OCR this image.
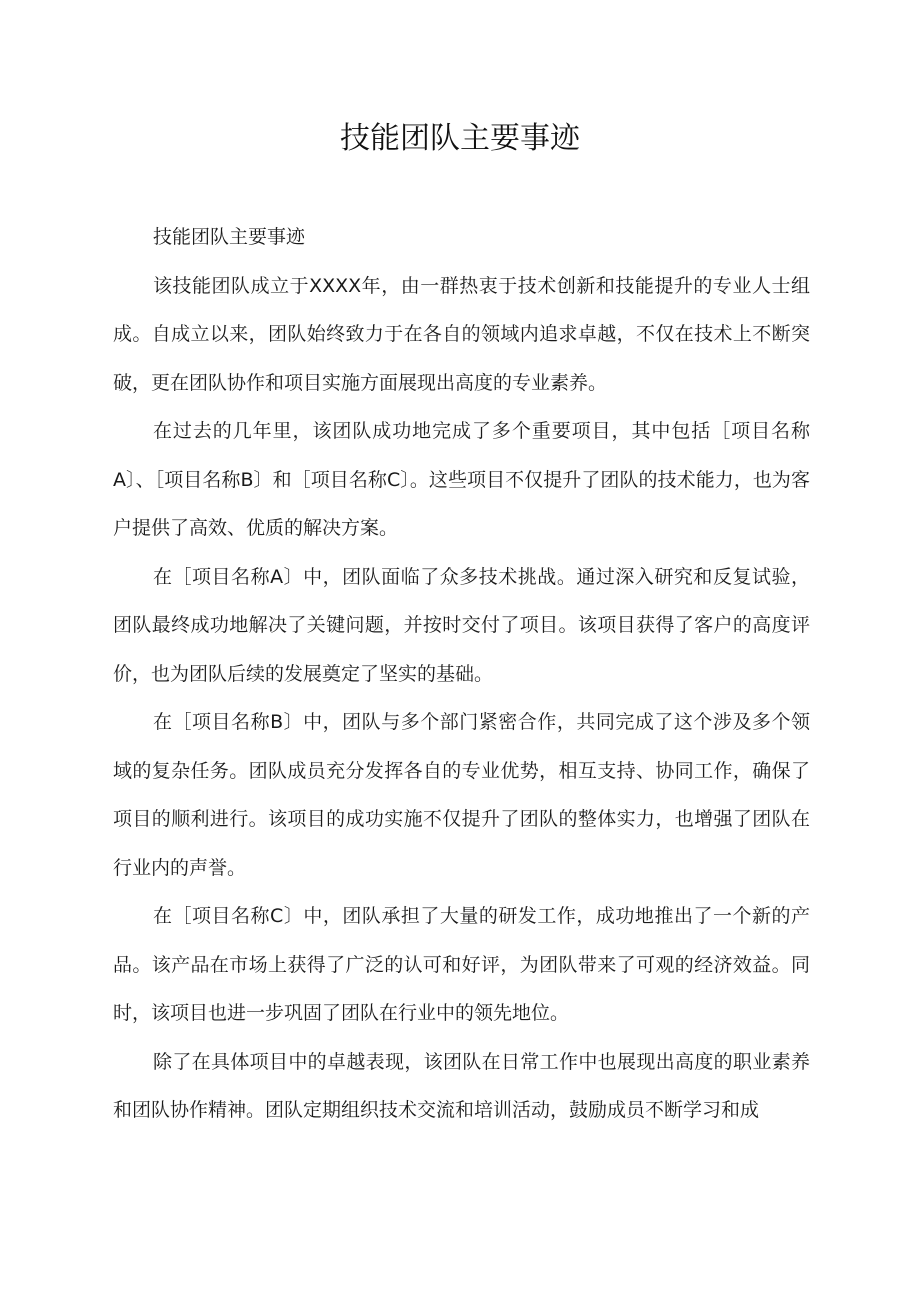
技能团队主要事迹

技能团队主要事迹

该技能团队成立于XXXX年，由一群热衷于技术创新和技能提升的专业人士组成。自成立以来，团队始终致力于在各自的领域内追求卓越，不仅在技术上不断突破，更在团队协作和项目实施方面展现出高度的专业素养。

在过去的几年里，该团队成功地完成了多个重要项目，其中包括［项目名称A〕、［项目名称B〕和［项目名称C〕。这些项目不仅提升了团队的技术能力，也为客户提供了高效、优质的解决方案。

在［项目名称A〕中，团队面临了众多技术挑战。通过深入研究和反复试验，团队最终成功地解决了关键问题，并按时交付了项目。该项目获得了客户的高度评价，也为团队后续的发展奠定了坚实的基础。

在［项目名称B〕中，团队与多个部门紧密合作，共同完成了这个涉及多个领域的复杂任务。团队成员充分发挥各自的专业优势，相互支持、协同工作，确保了项目的顺利进行。该项目的成功实施不仅提升了团队的整体实力，也增强了团队在行业内的声誉。

在［项目名称C〕中，团队承担了大量的研发工作，成功地推出了一个新的产品。该产品在市场上获得了广泛的认可和好评，为团队带来了可观的经济效益。同时，该项目也进一步巩固了团队在行业中的领先地位。

除了在具体项目中的卓越表现，该团队在日常工作中也展现出高度的职业素养和团队协作精神。团队定期组织技术交流和培训活动，鼓励成员不断学习和成
